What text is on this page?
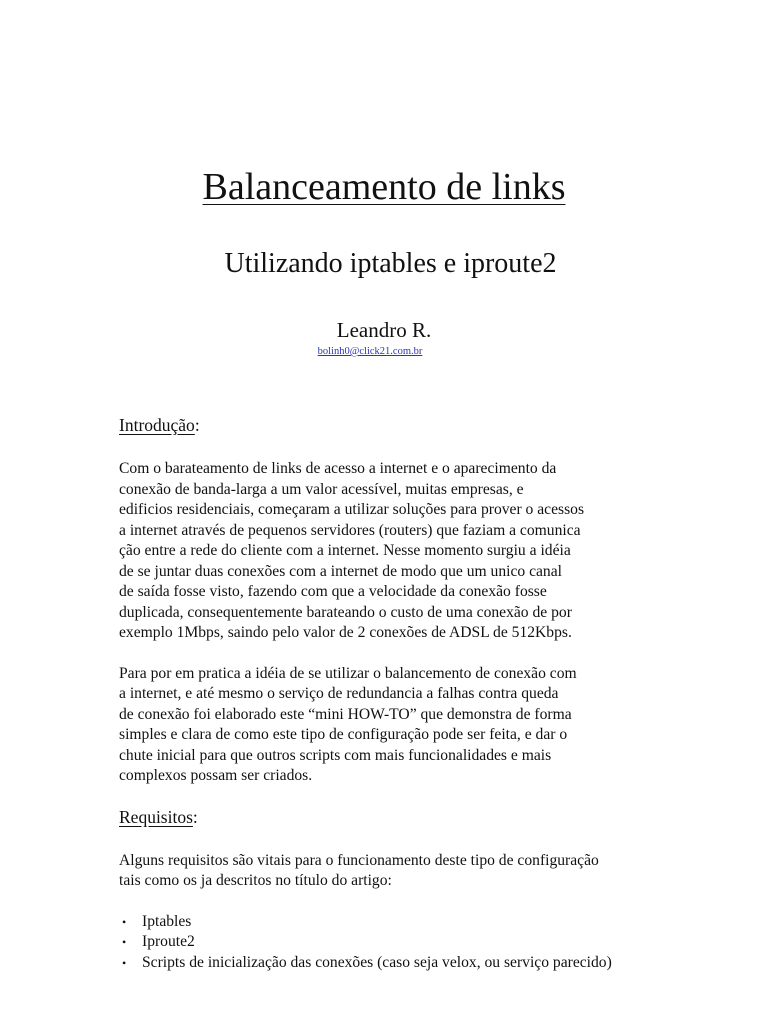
Balanceamento de links
Utilizando iptables e iproute2
Leandro R.
bolinh0@click21.com.br

Introdução:

Com o barateamento de links de acesso a internet e o aparecimento da
conexão de banda-larga a um valor acessível, muitas empresas, e
edificios residenciais, começaram a utilizar soluções para prover o acessos
a internet através de pequenos servidores (routers) que faziam a comunica
ção entre a rede do cliente com a internet. Nesse momento surgiu a idéia
de se juntar duas conexões com a internet de modo que um unico canal
de saída fosse visto, fazendo com que a velocidade da conexão fosse
duplicada, consequentemente barateando o custo de uma conexão de por
exemplo 1Mbps, saindo pelo valor de 2 conexões de ADSL de 512Kbps.

Para por em pratica a idéia de se utilizar o balancemento de conexão com
a internet, e até mesmo o serviço de redundancia a falhas contra queda
de conexão foi elaborado este “mini HOW-TO” que demonstra de forma
simples e clara de como este tipo de configuração pode ser feita, e dar o
chute inicial para que outros scripts com mais funcionalidades e mais
complexos possam ser criados.

Requisitos:

Alguns requisitos são vitais para o funcionamento deste tipo de configuração
tais como os ja descritos no título do artigo:

• Iptables
• Iproute2
• Scripts de inicialização das conexões (caso seja velox, ou serviço parecido)
